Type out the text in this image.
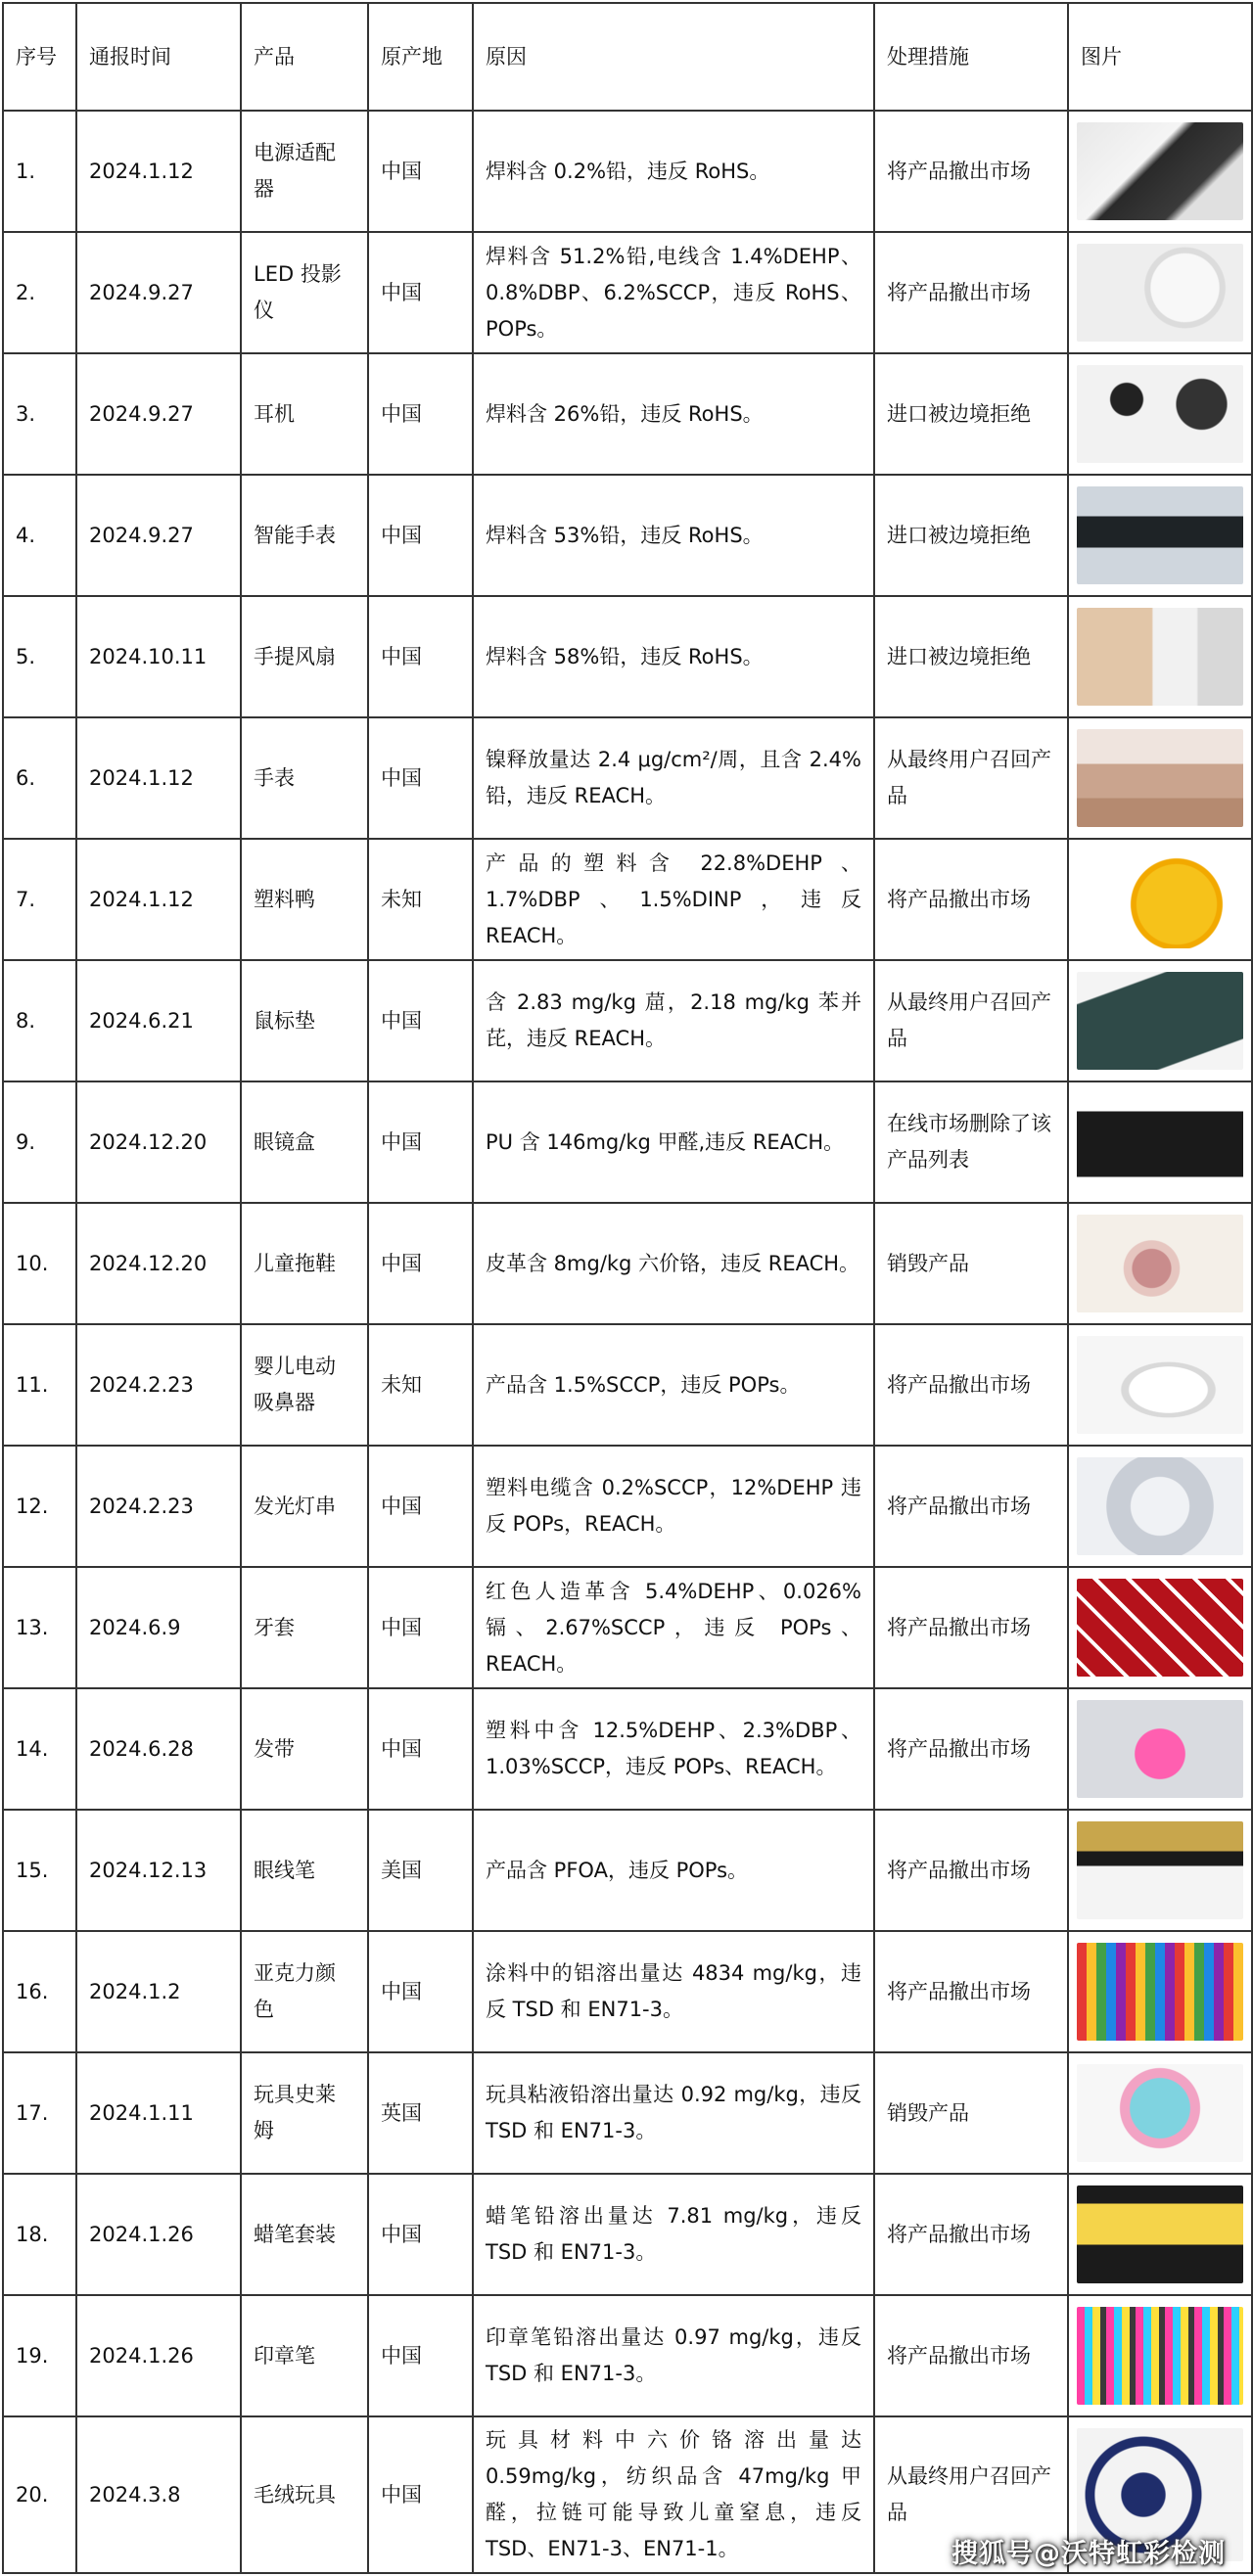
序号	通报时间	产品	原产地	原因	处理措施	图片
1.	2024.1.12	电源适配器	中国	焊料含 0.2%铅，违反 RoHS。	将产品撤出市场	

2.	2024.9.27	LED 投影仪	中国	焊料含 51.2%铅,电线含 1.4%DEHP、0.8%DBP、6.2%SCCP，违反 RoHS、POPs。	将产品撤出市场	

3.	2024.9.27	耳机	中国	焊料含 26%铅，违反 RoHS。	进口被边境拒绝	

4.	2024.9.27	智能手表	中国	焊料含 53%铅，违反 RoHS。	进口被边境拒绝	

5.	2024.10.11	手提风扇	中国	焊料含 58%铅，违反 RoHS。	进口被边境拒绝	

6.	2024.1.12	手表	中国	镍释放量达 2.4 μg/cm²/周，且含 2.4%铅，违反 REACH。	从最终用户召回产品	

7.	2024.1.12	塑料鸭	未知	产品的塑料含 22.8%DEHP 、1.7%DBP、1.5%DINP，违反 REACH。	将产品撤出市场	

8.	2024.6.21	鼠标垫	中国	含 2.83 mg/kg 䓛，2.18 mg/kg 苯并芘，违反 REACH。	从最终用户召回产品	

9.	2024.12.20	眼镜盒	中国	PU 含 146mg/kg 甲醛,违反 REACH。	在线市场删除了该产品列表	

10.	2024.12.20	儿童拖鞋	中国	皮革含 8mg/kg 六价铬，违反 REACH。	销毁产品	

11.	2024.2.23	婴儿电动吸鼻器	未知	产品含 1.5%SCCP，违反 POPs。	将产品撤出市场	

12.	2024.2.23	发光灯串	中国	塑料电缆含 0.2%SCCP，12%DEHP 违反 POPs，REACH。	将产品撤出市场	

13.	2024.6.9	牙套	中国	红色人造革含 5.4%DEHP、0.026%镉、2.67%SCCP，违反 POPs、REACH。	将产品撤出市场	

14.	2024.6.28	发带	中国	塑料中含 12.5%DEHP、2.3%DBP、1.03%SCCP，违反 POPs、REACH。	将产品撤出市场	

15.	2024.12.13	眼线笔	美国	产品含 PFOA，违反 POPs。	将产品撤出市场	

16.	2024.1.2	亚克力颜色	中国	涂料中的铝溶出量达 4834 mg/kg，违反 TSD 和 EN71-3。	将产品撤出市场	

17.	2024.1.11	玩具史莱姆	英国	玩具粘液铅溶出量达 0.92 mg/kg，违反 TSD 和 EN71-3。	销毁产品	

18.	2024.1.26	蜡笔套装	中国	蜡笔铅溶出量达 7.81 mg/kg，违反 TSD 和 EN71-3。	将产品撤出市场	

19.	2024.1.26	印章笔	中国	印章笔铅溶出量达 0.97 mg/kg，违反 TSD 和 EN71-3。	将产品撤出市场	

20.	2024.3.8	毛绒玩具	中国	玩具材料中六价铬溶出量达 0.59mg/kg，纺织品含 47mg/kg 甲醛，拉链可能导致儿童窒息，违反 TSD、EN71-3、EN71-1。	从最终用户召回产品	
搜狐号@沃特虹彩检测
